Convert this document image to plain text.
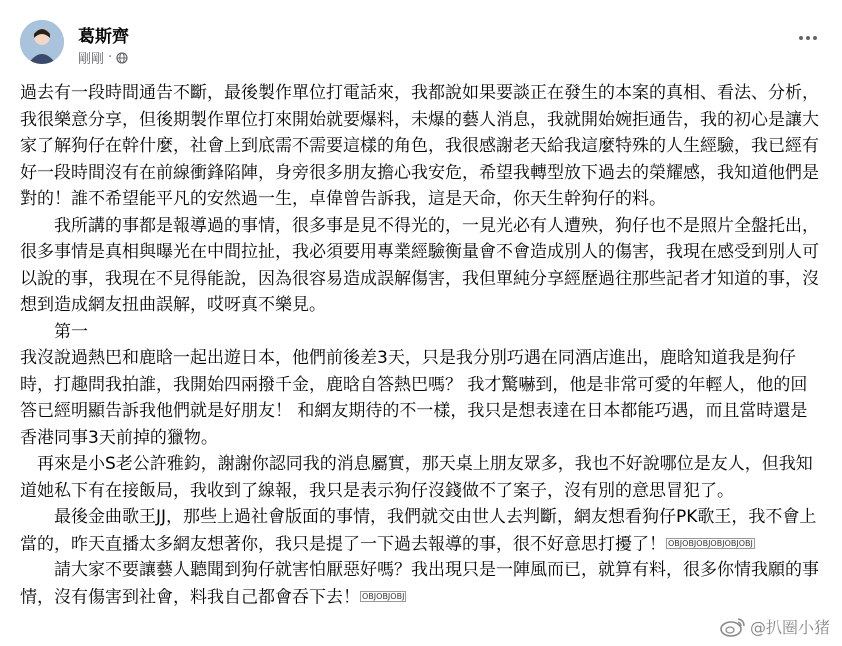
葛斯齊
剛剛 ·

過去有一段時間通告不斷，最後製作單位打電話來，我都說如果要談正在發生的本案的真相、看法、分析，我很樂意分享，但後期製作單位打來開始就要爆料，未爆的藝人消息，我就開始婉拒通告，我的初心是讓大家了解狗仔在幹什麼，社會上到底需不需要這樣的角色，我很感謝老天給我這麼特殊的人生經驗，我已經有好一段時間沒有在前線衝鋒陷陣，身旁很多朋友擔心我安危，希望我轉型放下過去的榮耀感，我知道他們是對的！誰不希望能平凡的安然過一生，卓偉曾告訴我，這是天命，你天生幹狗仔的料。

　　我所講的事都是報導過的事情，很多事是見不得光的，一見光必有人遭殃，狗仔也不是照片全盤托出，很多事情是真相與曝光在中間拉扯，我必須要用專業經驗衡量會不會造成別人的傷害，我現在感受到別人可以說的事，我現在不見得能說，因為很容易造成誤解傷害，我但單純分享經歷過往那些記者才知道的事，沒想到造成網友扭曲誤解，哎呀真不樂見。

　　第一

我沒說過熱巴和鹿晗一起出遊日本，他們前後差3天，只是我分別巧遇在同酒店進出，鹿晗知道我是狗仔時，打趣問我拍誰，我開始四兩撥千金，鹿晗自答熱巴嗎？ 我才驚嚇到，他是非常可愛的年輕人，他的回答已經明顯告訴我他們就是好朋友！ 和網友期待的不一樣，我只是想表達在日本都能巧遇，而且當時還是香港同事3天前掉的獵物。

　再來是小S老公許雅鈞，謝謝你認同我的消息屬實，那天桌上朋友眾多，我也不好說哪位是友人，但我知道她私下有在接飯局，我收到了線報，我只是表示狗仔沒錢做不了案子，沒有別的意思冒犯了。

　　最後金曲歌王JJ，那些上過社會版面的事情，我們就交由世人去判斷，網友想看狗仔PK歌王，我不會上當的，昨天直播太多網友想著你，我只是提了一下過去報導的事，很不好意思打擾了！ OBJOBJOBJOBJOBJOBJ

　　請大家不要讓藝人聽聞到狗仔就害怕厭惡好嗎？我出現只是一陣風而已，就算有料，很多你情我願的事情，沒有傷害到社會，料我自己都會吞下去！ OBJOBJOBJ

@扒圈小猪
